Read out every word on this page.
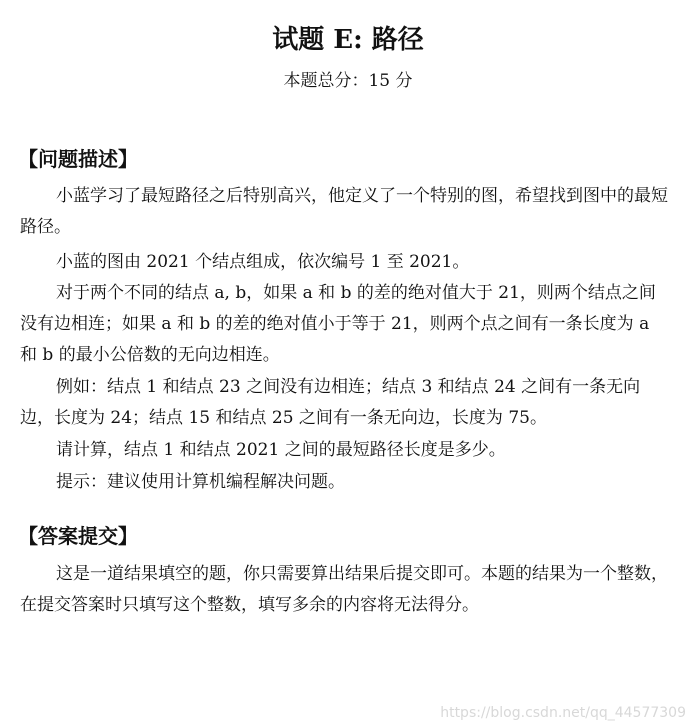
试题 E: 路径
本题总分：15 分
【问题描述】
小蓝学习了最短路径之后特别高兴，他定义了一个特别的图，希望找到图中的最短路径。
小蓝的图由 2021 个结点组成，依次编号 1 至 2021。
对于两个不同的结点 a, b，如果 a 和 b 的差的绝对值大于 21，则两个结点之间没有边相连；如果 a 和 b 的差的绝对值小于等于 21，则两个点之间有一条长度为 a 和 b 的最小公倍数的无向边相连。
例如：结点 1 和结点 23 之间没有边相连；结点 3 和结点 24 之间有一条无向边，长度为 24；结点 15 和结点 25 之间有一条无向边，长度为 75。
请计算，结点 1 和结点 2021 之间的最短路径长度是多少。
提示：建议使用计算机编程解决问题。
【答案提交】
这是一道结果填空的题，你只需要算出结果后提交即可。本题的结果为一个整数，在提交答案时只填写这个整数，填写多余的内容将无法得分。
https://blog.csdn.net/qq_44577309
